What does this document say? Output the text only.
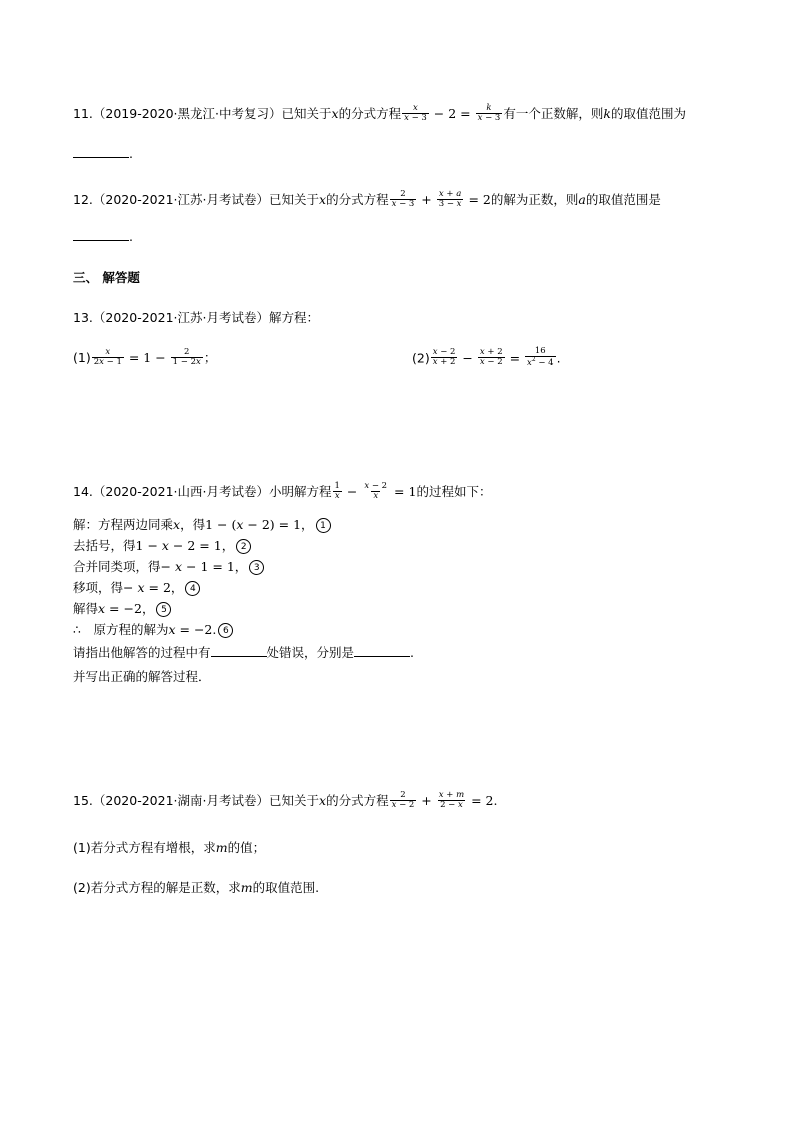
11.（2019-2020·黑龙江·中考复习）已知关于x的分式方程 $\frac{x}{x - 3} - 2 = \frac{k}{x - 3}$ 有一个正数解，则k的取值范围为
.
12.（2020-2021·江苏·月考试卷）已知关于x的分式方程 $\frac{2}{x - 3} + \frac{x + a}{3 - x} = 2$的解为正数，则a的取值范围是
.
三、 解答题
13.（2020-2021·江苏·月考试卷）解方程：
$(1) \frac{x}{2x - 1} = 1 - \frac{2}{1 - 2x}$ ；	$(2) \frac{x - 2}{x + 2} - \frac{x + 2}{x - 2} = \frac{16}{x^2 - 4}$ .
14.（2020-2021·山西·月考试卷）小明解方程 $\frac{1}{x} - \frac{x - 2}{x} = 1$的过程如下：
解：方程两边同乘x，得1 − (x − 2) = 1， 1
去括号，得1 − x − 2 = 1， 2
合并同类项，得− x − 1 = 1， 3
移项，得− x = 2， 4
解得x = −2， 5
∴　原方程的解为x = −2. 6
请指出他解答的过程中有	处错误，分别是	.
并写出正确的解答过程．
15.（2020-2021·湖南·月考试卷）已知关于x的分式方程 $\frac{2}{x - 2} + \frac{x + m}{2 - x} = 2$.
(1)若分式方程有增根，求m的值；
(2)若分式方程的解是正数，求m的取值范围.
